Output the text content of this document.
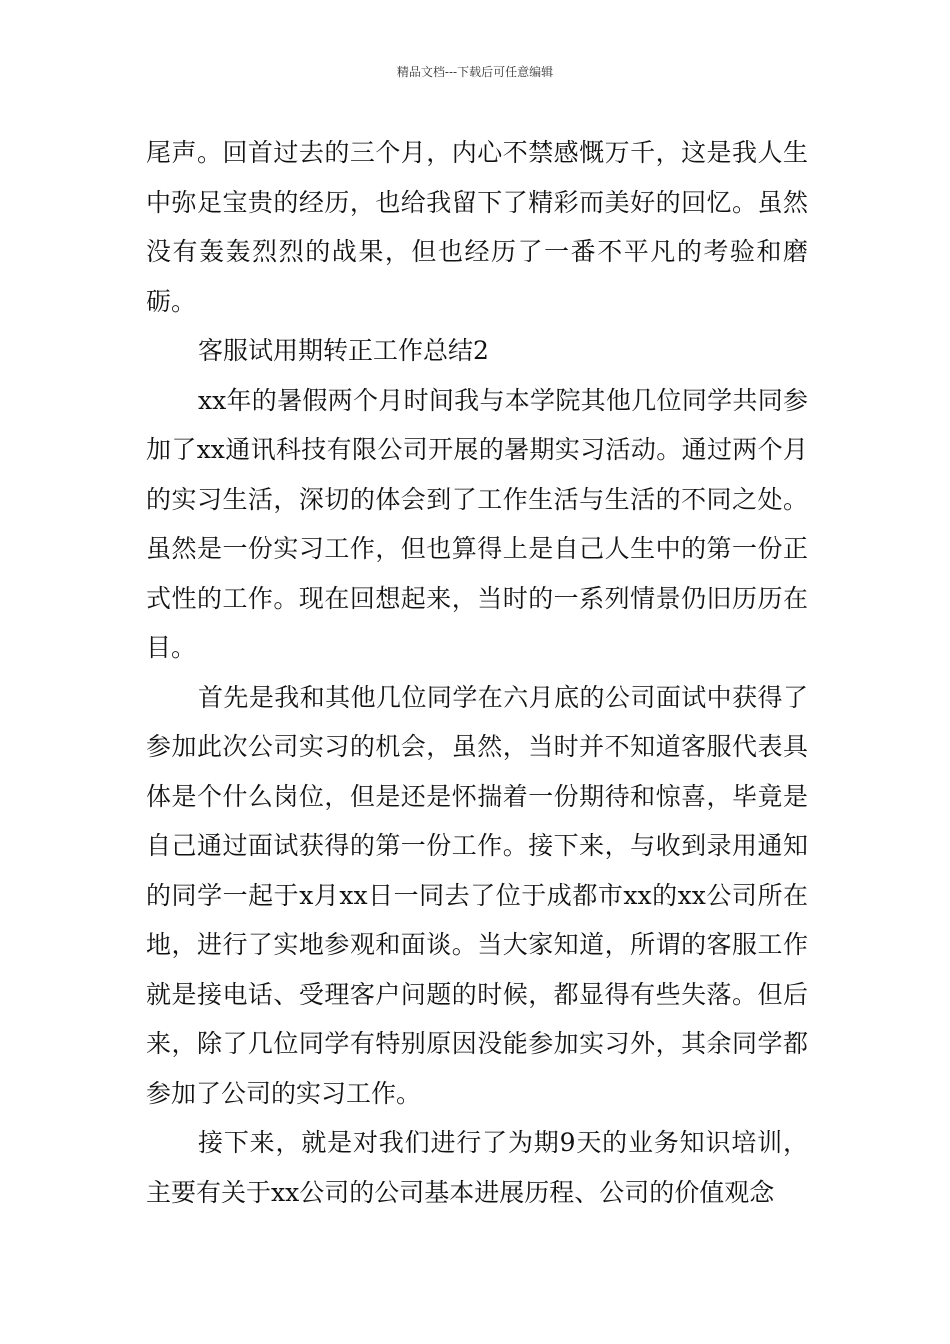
精品文档---下载后可任意编辑

尾声。回首过去的三个月，内心不禁感慨万千，这是我人生中弥足宝贵的经历，也给我留下了精彩而美好的回忆。虽然没有轰轰烈烈的战果，但也经历了一番不平凡的考验和磨砺。

客服试用期转正工作总结2

xx年的暑假两个月时间我与本学院其他几位同学共同参加了xx通讯科技有限公司开展的暑期实习活动。通过两个月的实习生活，深切的体会到了工作生活与生活的不同之处。虽然是一份实习工作，但也算得上是自己人生中的第一份正式性的工作。现在回想起来，当时的一系列情景仍旧历历在目。

首先是我和其他几位同学在六月底的公司面试中获得了参加此次公司实习的机会，虽然，当时并不知道客服代表具体是个什么岗位，但是还是怀揣着一份期待和惊喜，毕竟是自己通过面试获得的第一份工作。接下来，与收到录用通知的同学一起于x月xx日一同去了位于成都市xx的xx公司所在地，进行了实地参观和面谈。当大家知道，所谓的客服工作就是接电话、受理客户问题的时候，都显得有些失落。但后来，除了几位同学有特别原因没能参加实习外，其余同学都参加了公司的实习工作。

接下来，就是对我们进行了为期9天的业务知识培训，主要有关于xx公司的公司基本进展历程、公司的价值观念
